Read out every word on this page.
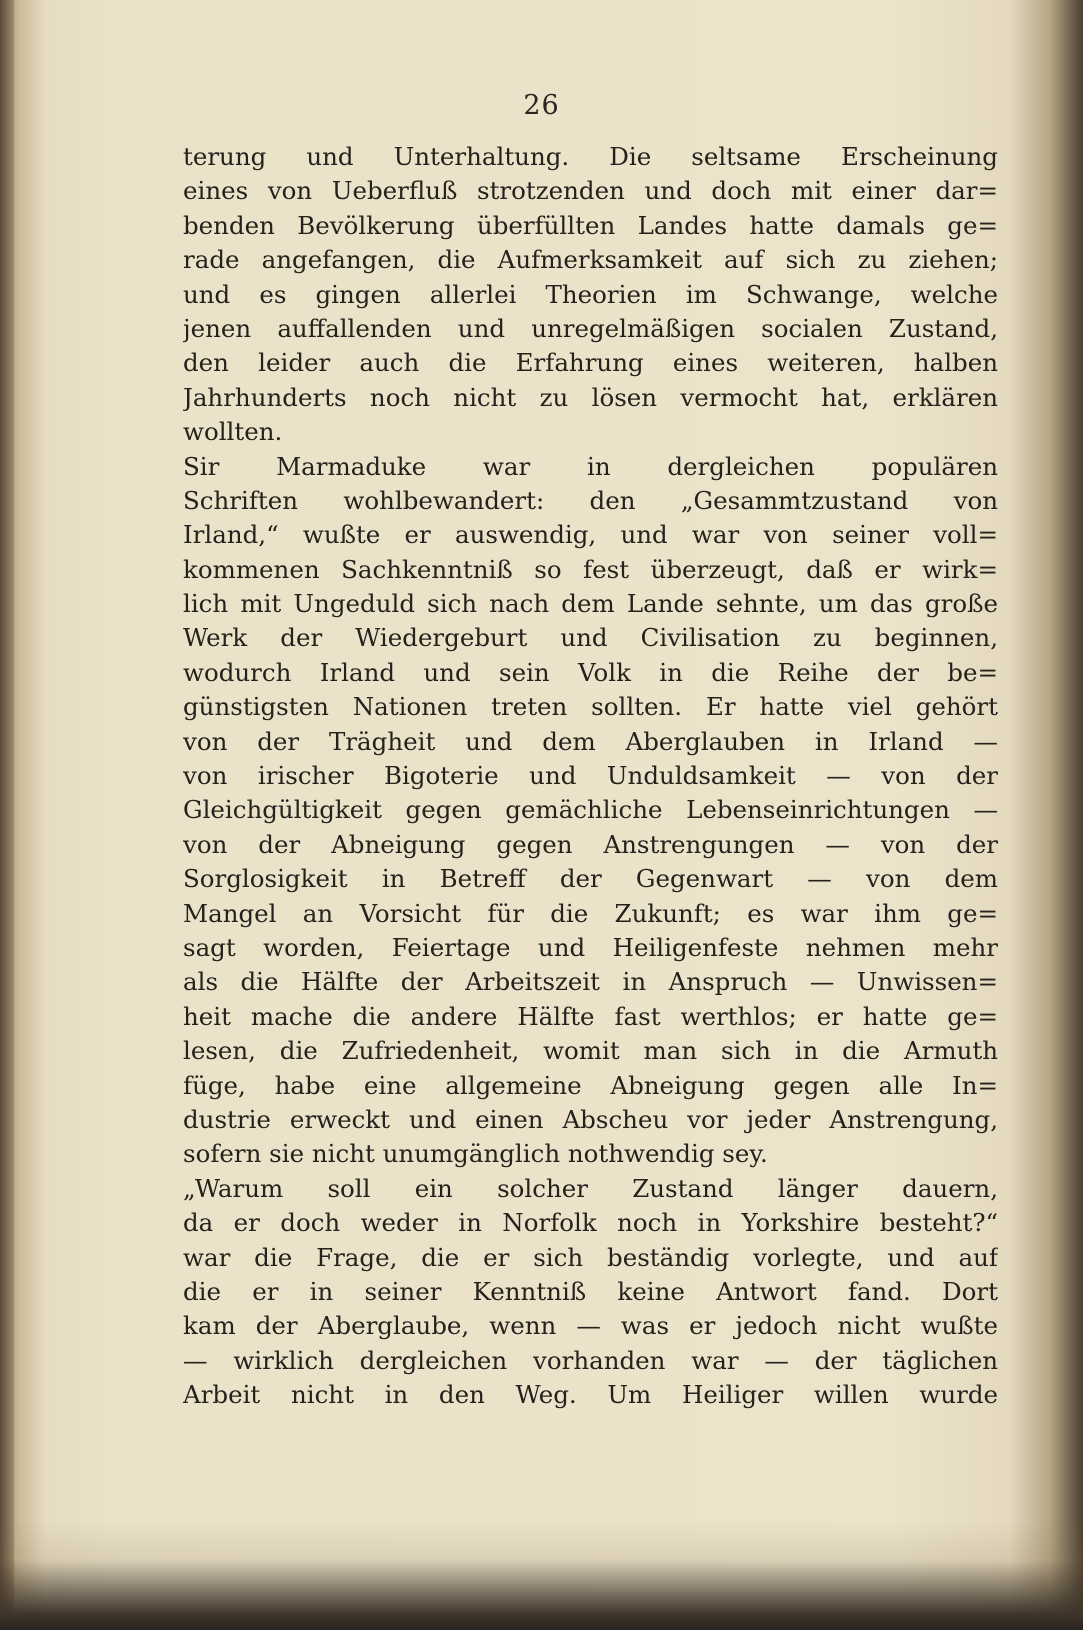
26
terung und Unterhaltung. Die seltsame Erscheinung
eines von Ueberfluß strotzenden und doch mit einer dar=
benden Bevölkerung überfüllten Landes hatte damals ge=
rade angefangen, die Aufmerksamkeit auf sich zu ziehen;
und es gingen allerlei Theorien im Schwange, welche
jenen auffallenden und unregelmäßigen socialen Zustand,
den leider auch die Erfahrung eines weiteren, halben
Jahrhunderts noch nicht zu lösen vermocht hat, erklären
wollten.
Sir Marmaduke war in dergleichen populären
Schriften wohlbewandert: den „Gesammtzustand von
Irland,“ wußte er auswendig, und war von seiner voll=
kommenen Sachkenntniß so fest überzeugt, daß er wirk=
lich mit Ungeduld sich nach dem Lande sehnte, um das große
Werk der Wiedergeburt und Civilisation zu beginnen,
wodurch Irland und sein Volk in die Reihe der be=
günstigsten Nationen treten sollten. Er hatte viel gehört
von der Trägheit und dem Aberglauben in Irland —
von irischer Bigoterie und Unduldsamkeit — von der
Gleichgültigkeit gegen gemächliche Lebenseinrichtungen —
von der Abneigung gegen Anstrengungen — von der
Sorglosigkeit in Betreff der Gegenwart — von dem
Mangel an Vorsicht für die Zukunft; es war ihm ge=
sagt worden, Feiertage und Heiligenfeste nehmen mehr
als die Hälfte der Arbeitszeit in Anspruch — Unwissen=
heit mache die andere Hälfte fast werthlos; er hatte ge=
lesen, die Zufriedenheit, womit man sich in die Armuth
füge, habe eine allgemeine Abneigung gegen alle In=
dustrie erweckt und einen Abscheu vor jeder Anstrengung,
sofern sie nicht unumgänglich nothwendig sey.
„Warum soll ein solcher Zustand länger dauern,
da er doch weder in Norfolk noch in Yorkshire besteht?“
war die Frage, die er sich beständig vorlegte, und auf
die er in seiner Kenntniß keine Antwort fand. Dort
kam der Aberglaube, wenn — was er jedoch nicht wußte
— wirklich dergleichen vorhanden war — der täglichen
Arbeit nicht in den Weg. Um Heiliger willen wurde
